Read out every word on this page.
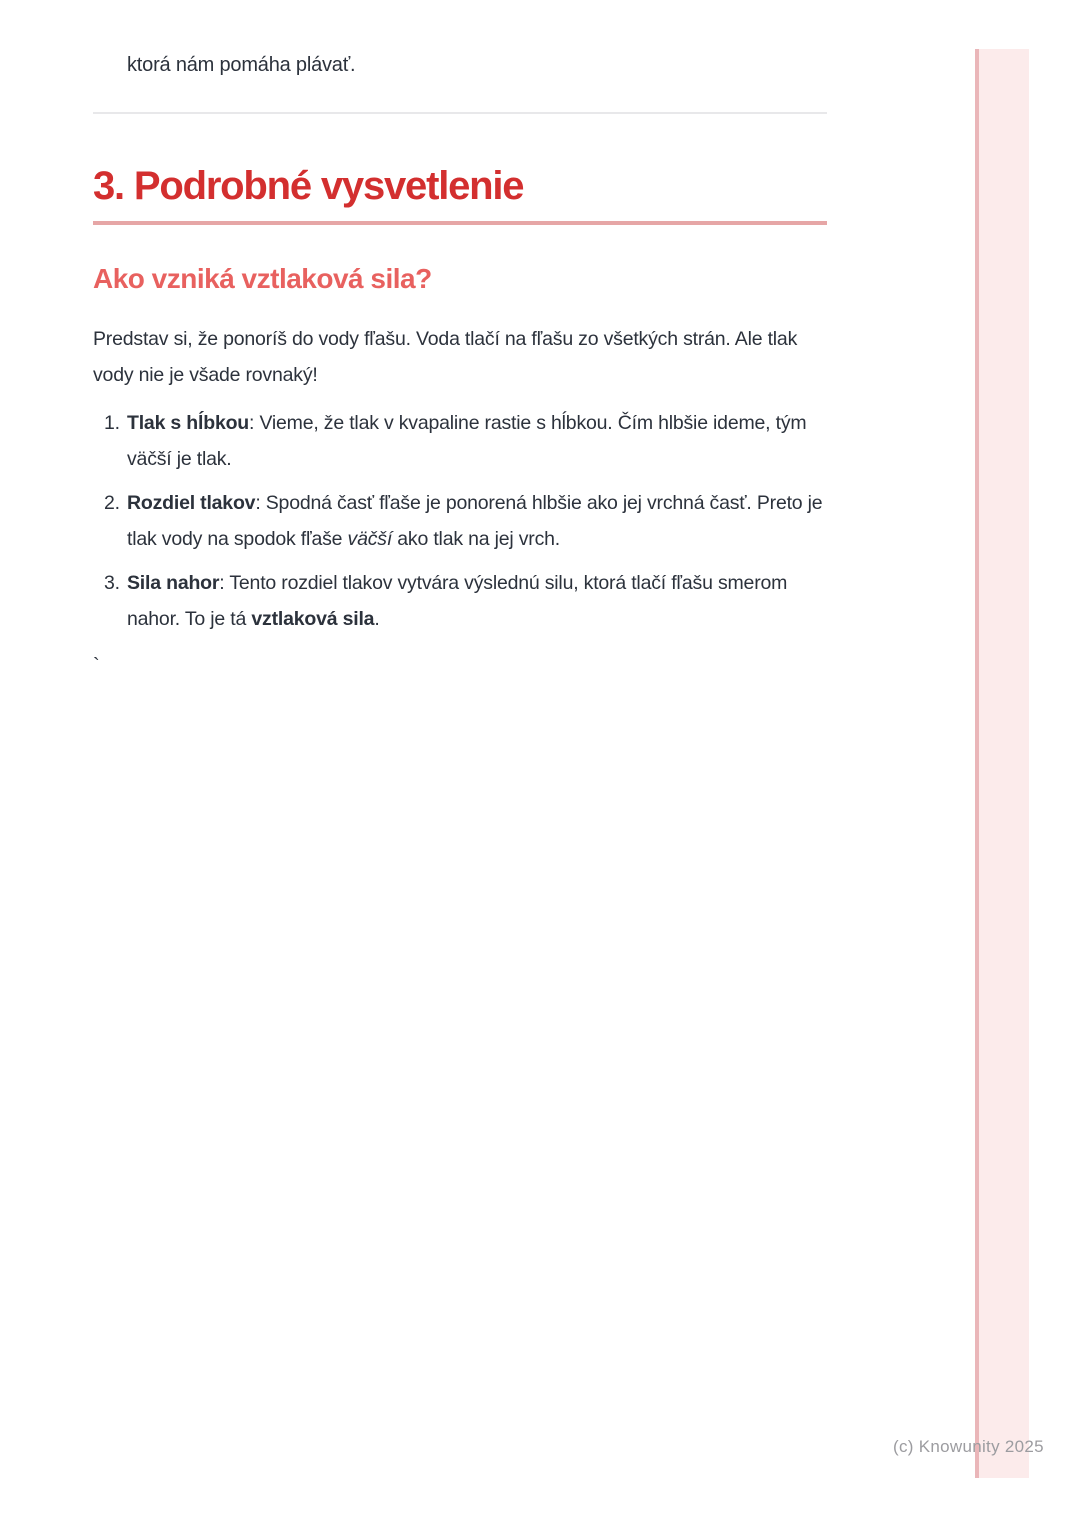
(c) Knowunity 2025

ktorá nám pomáha plávať.

3. Podrobné vysvetlenie
Ako vzniká vztlaková sila?

Predstav si, že ponoríš do vody fľašu. Voda tlačí na fľašu zo všetkých strán. Ale tlak vody nie je všade rovnaký!

1. Tlak s hĺbkou: Vieme, že tlak v kvapaline rastie s hĺbkou. Čím hlbšie ideme, tým väčší je tlak.
2. Rozdiel tlakov: Spodná časť fľaše je ponorená hlbšie ako jej vrchná časť. Preto je tlak vody na spodok fľaše väčší ako tlak na jej vrch.
3. Sila nahor: Tento rozdiel tlakov vytvára výslednú silu, ktorá tlačí fľašu smerom nahor. To je tá vztlaková sila.
`
